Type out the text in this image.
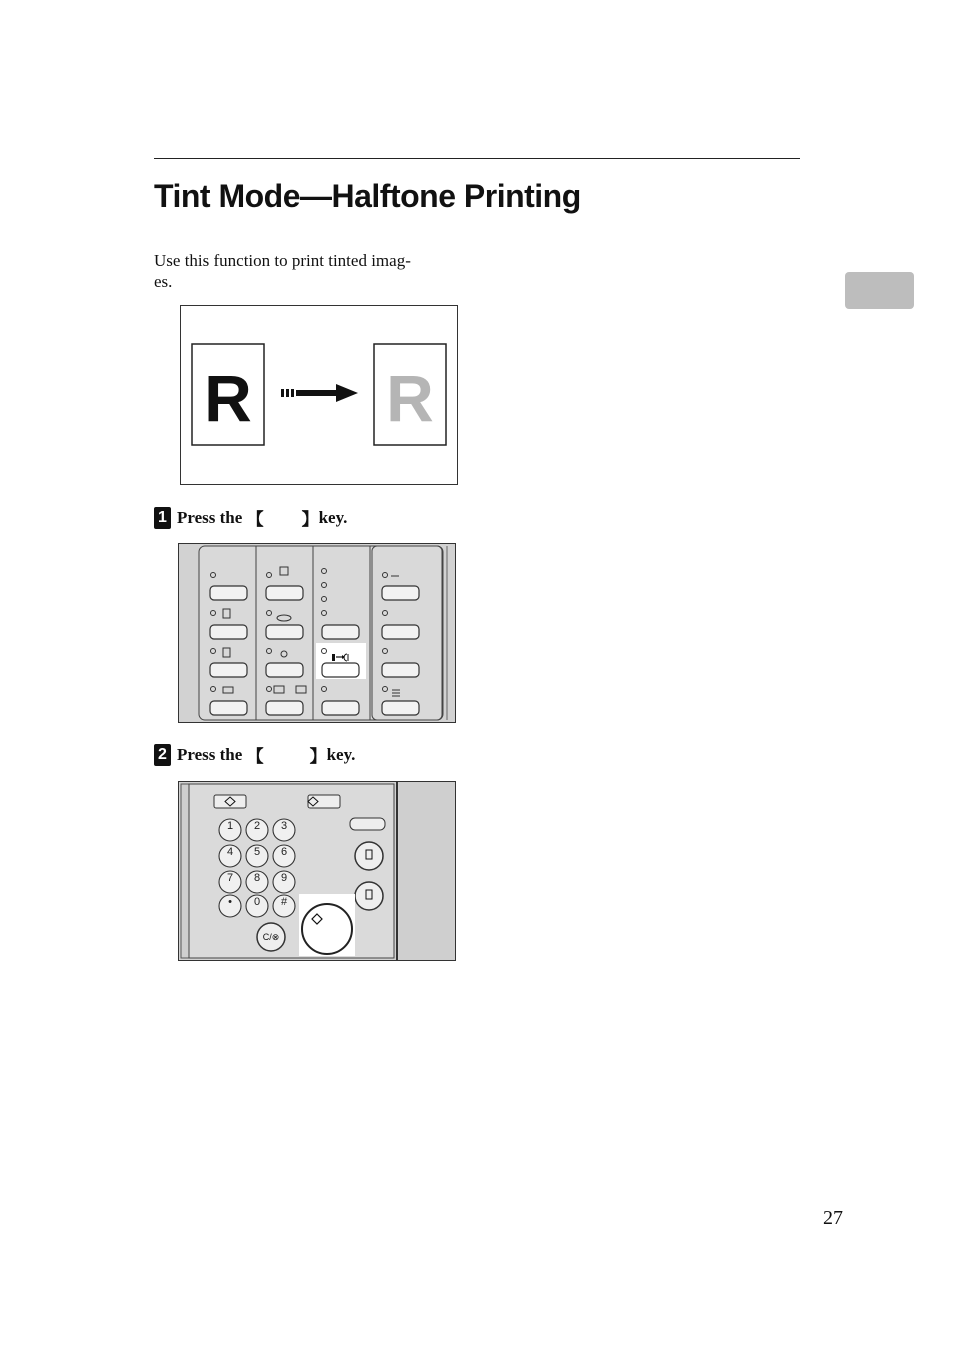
Tint Mode—Halftone Printing

Use this function to print tinted imag-
es.

R R
1 Press the
【 】 key.
2 Press the
【	】 key.
1 2 3
4 5 6
7 8 9
• 0 #
C/⊗
27
